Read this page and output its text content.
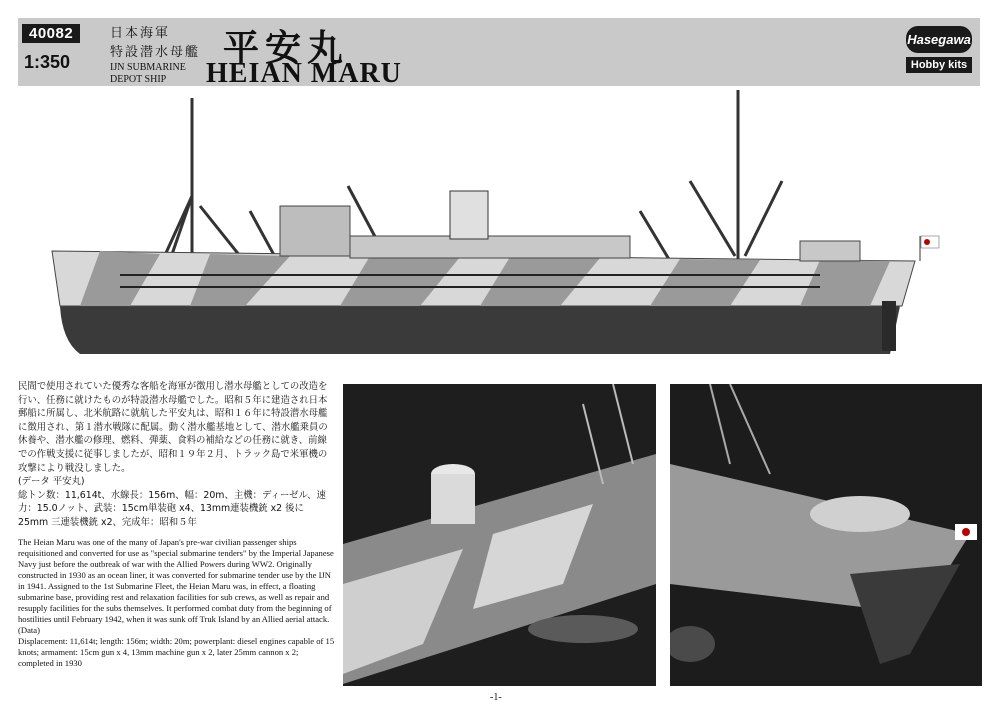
40082
1:350
日本海軍
特設潜水母艦
IJN SUBMARINE
DEPOT SHIP
平安丸
HEIAN MARU
Hasegawa
Hobby kits

民間で使用されていた優秀な客船を海軍が徴用し潜水母艦としての改造を行い、任務に就けたものが特設潜水母艦でした。昭和５年に建造され日本郵船に所属し、北米航路に就航した平安丸は、昭和１６年に特設潜水母艦に徴用され、第１潜水戦隊に配属。動く潜水艦基地として、潜水艦乗員の休養や、潜水艦の修理、燃料、弾薬、食料の補給などの任務に就き、前線での作戦支援に従事しましたが、昭和１９年２月、トラック島で米軍機の攻撃により戦没しました。

(データ 平安丸)

総トン数：11,614t、水線長：156m、幅：20m、主機：ディーゼル、速力：15.0ノット、武装：15cm単装砲 x4、13mm連装機銃 x2 後に 25mm 三連装機銃 x2、完成年：昭和５年

The Heian Maru was one of the many of Japan's pre-war civilian passenger ships requisitioned and converted for use as "special submarine tenders" by the Imperial Japanese Navy just before the outbreak of war with the Allied Powers during WW2. Originally constructed in 1930 as an ocean liner, it was converted for submarine tender use by the IJN in 1941. Assigned to the 1st Submarine Fleet, the Heian Maru was, in effect, a floating submarine base, providing rest and relaxation facilities for sub crews, as well as repair and resupply facilities for the subs themselves. It performed combat duty from the beginning of hostilities until February 1942, when it was sunk off Truk Island by an Allied aerial attack.

(Data)

Displacement: 11,614t; length: 156m; width: 20m; powerplant: diesel engines capable of 15 knots; armament: 15cm gun x 4, 13mm machine gun x 2, later 25mm cannon x 2; completed in 1930

-1-
